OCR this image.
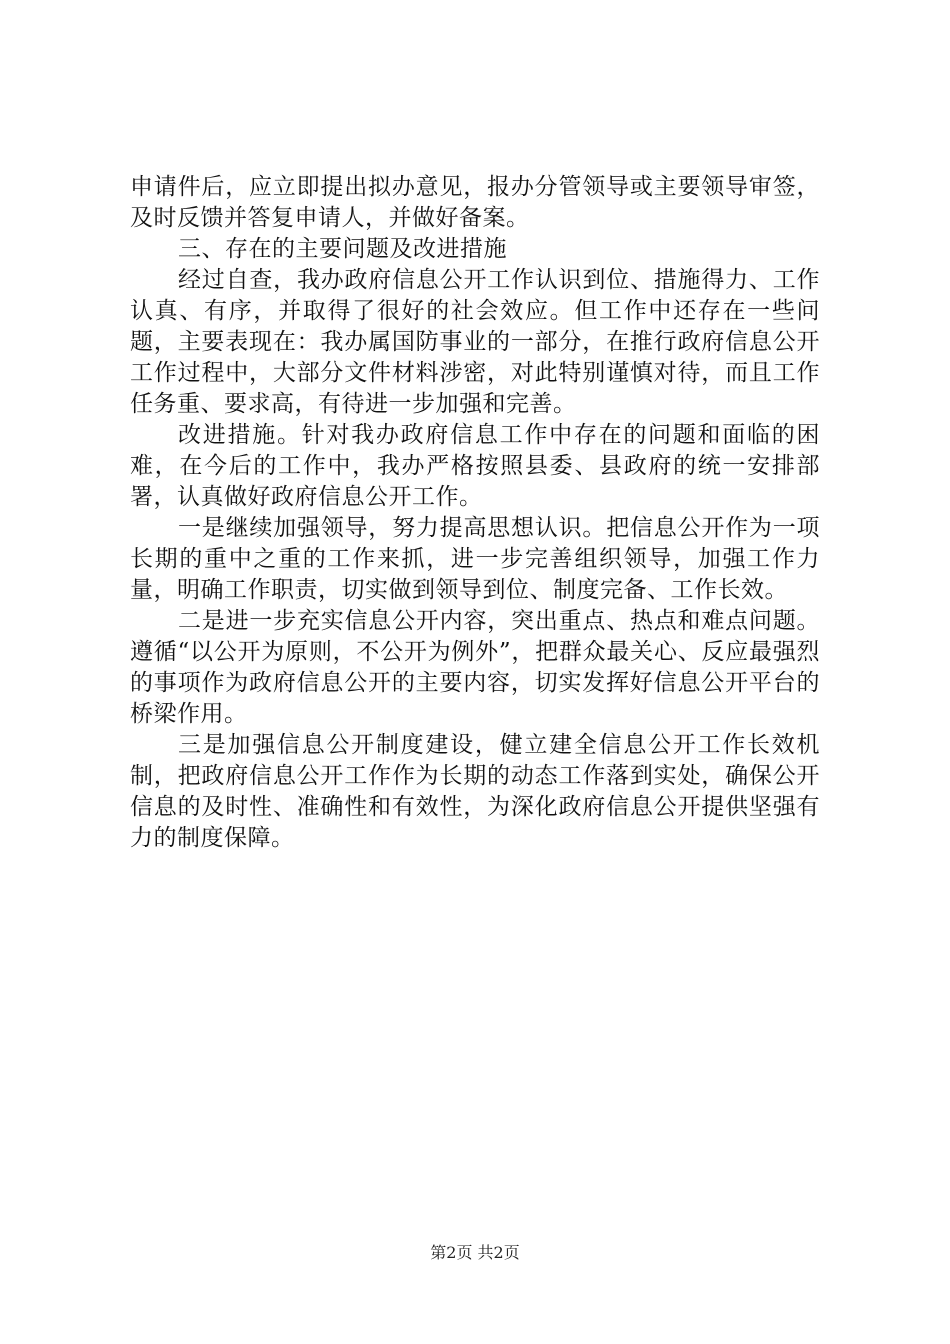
申请件后，应立即提出拟办意见，报办分管领导或主要领导审签，及时反馈并答复申请人，并做好备案。

三、存在的主要问题及改进措施

经过自查，我办政府信息公开工作认识到位、措施得力、工作认真、有序，并取得了很好的社会效应。但工作中还存在一些问题，主要表现在：我办属国防事业的一部分，在推行政府信息公开工作过程中，大部分文件材料涉密，对此特别谨慎对待，而且工作任务重、要求高，有待进一步加强和完善。

改进措施。针对我办政府信息工作中存在的问题和面临的困难，在今后的工作中，我办严格按照县委、县政府的统一安排部署，认真做好政府信息公开工作。

一是继续加强领导，努力提高思想认识。把信息公开作为一项长期的重中之重的工作来抓，进一步完善组织领导，加强工作力量，明确工作职责，切实做到领导到位、制度完备、工作长效。

二是进一步充实信息公开内容，突出重点、热点和难点问题。遵循“以公开为原则，不公开为例外”，把群众最关心、反应最强烈的事项作为政府信息公开的主要内容，切实发挥好信息公开平台的桥梁作用。

三是加强信息公开制度建设，健立建全信息公开工作长效机制，把政府信息公开工作作为长期的动态工作落到实处，确保公开信息的及时性、准确性和有效性，为深化政府信息公开提供坚强有力的制度保障。

第2页 共2页
